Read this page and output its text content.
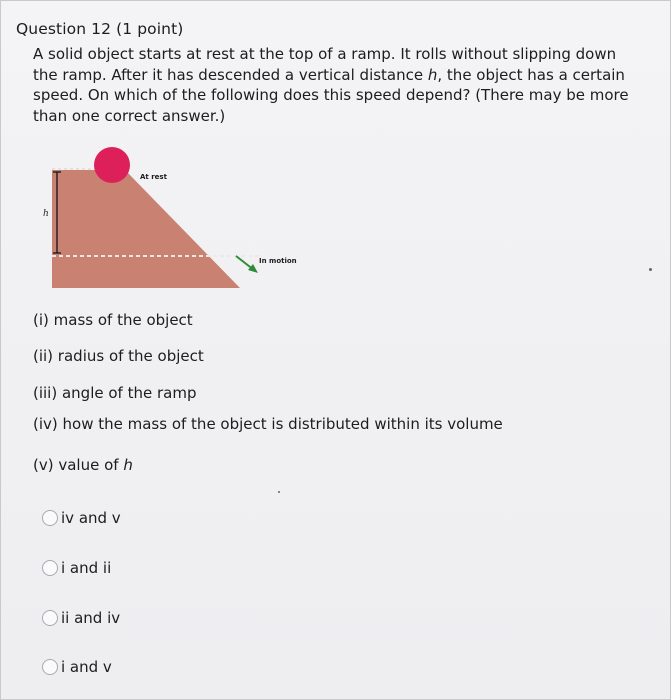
Question 12 (1 point)
A solid object starts at rest at the top of a ramp. It rolls without slipping down the ramp. After it has descended a vertical distance h, the object has a certain speed. On which of the following does this speed depend? (There may be more than one correct answer.)
h
At rest
In motion
(i) mass of the object
(ii) radius of the object
(iii) angle of the ramp
(iv) how the mass of the object is distributed within its volume
(v) value of h
iv and v
i and ii
ii and iv
i and v
